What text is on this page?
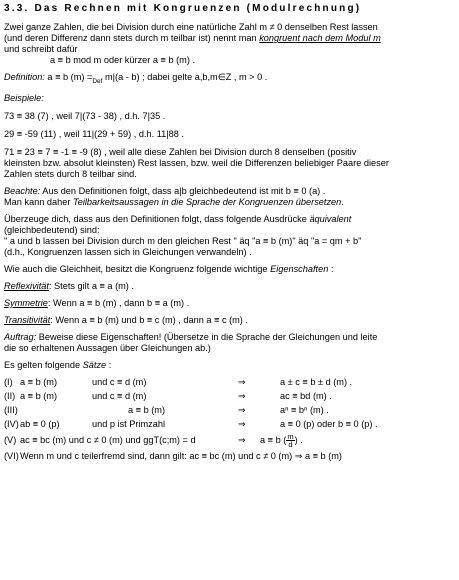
3.3. Das Rechnen mit Kongruenzen (Modulrechnung)
Zwei ganze Zahlen, die bei Division durch eine natürliche Zahl m ≠ 0 denselben Rest lassen
(und deren Differenz dann stets durch m teilbar ist) nennt man kongruent nach dem Modul m
und schreibt dafür
a ≡ b mod m oder kürzer a ≡ b (m) .
Definition: a ≡ b $(m) =_{Def}$ m|(a - b) ; dabei gelte a,b,m∈Z , m > 0 .
Beispiele:
73 ≡ 38 (7) , weil 7|(73 - 38) , d.h. 7|35 .
29 ≡ -59 (11) , weil 11|(29 + 59) , d.h. 11|88 .
71 ≡ 23 ≡ 7 ≡ -1 ≡ -9 (8) , weil alle diese Zahlen bei Division durch 8 denselben (positiv
kleinsten bzw. absolut kleinsten) Rest lassen, bzw. weil die Differenzen beliebiger Paare dieser
Zahlen stets durch 8 teilbar sind.
Beachte: Aus den Definitionen folgt, dass a|b gleichbedeutend ist mit b ≡ 0 (a) .
Man kann daher Teilbarkeitsaussagen in die Sprache der Kongruenzen übersetzen.
Überzeuge dich, dass aus den Definitionen folgt, dass folgende Ausdrücke äquivalent
(gleichbedeutend) sind:
" a und b lassen bei Division durch m den gleichen Rest " äq "a ≡ b (m)" äq "a = qm + b"
(d.h., Kongruenzen lassen sich in Gleichungen verwandeln) .
Wie auch die Gleichheit, besitzt die Kongruenz folgende wichtige Eigenschaften :
Reflexivität: Stets gilt a ≡ a (m) .
Symmetrie: Wenn a ≡ b (m) , dann b ≡ a (m) .
Transitivität: Wenn a ≡ b (m) und b ≡ c (m) , dann a ≡ c (m) .
Auftrag: Beweise diese Eigenschaften! (Übersetze in die Sprache der Gleichungen und leite
die so erhaltenen Aussagen über Gleichungen ab.)
Es gelten folgende Sätze :
(I) a ≡ b (m)	und c ≡ d (m)	⇒	a ± c ≡ b ± d (m) .
(II) a ≡ b (m)	und c ≡ d (m)	⇒	ac ≡ bd (m) .
(III)	a ≡ b (m)	⇒	aⁿ ≡ bⁿ (m) .
(IV) ab ≡ 0 (p)	und p ist Primzahl	⇒	a ≡ 0 (p) oder b ≡ 0 (p) .
(V) ac ≡ bc (m) und c ≠ 0 (m) und ggT(c;m) = d	⇒	a ≡ b ( $\frac{m}{d}$ ) .
(VI) Wenn m und c teilerfremd sind, dann gilt: ac ≡ bc (m) und c ≠ 0 (m) ⇒ a ≡ b (m)
